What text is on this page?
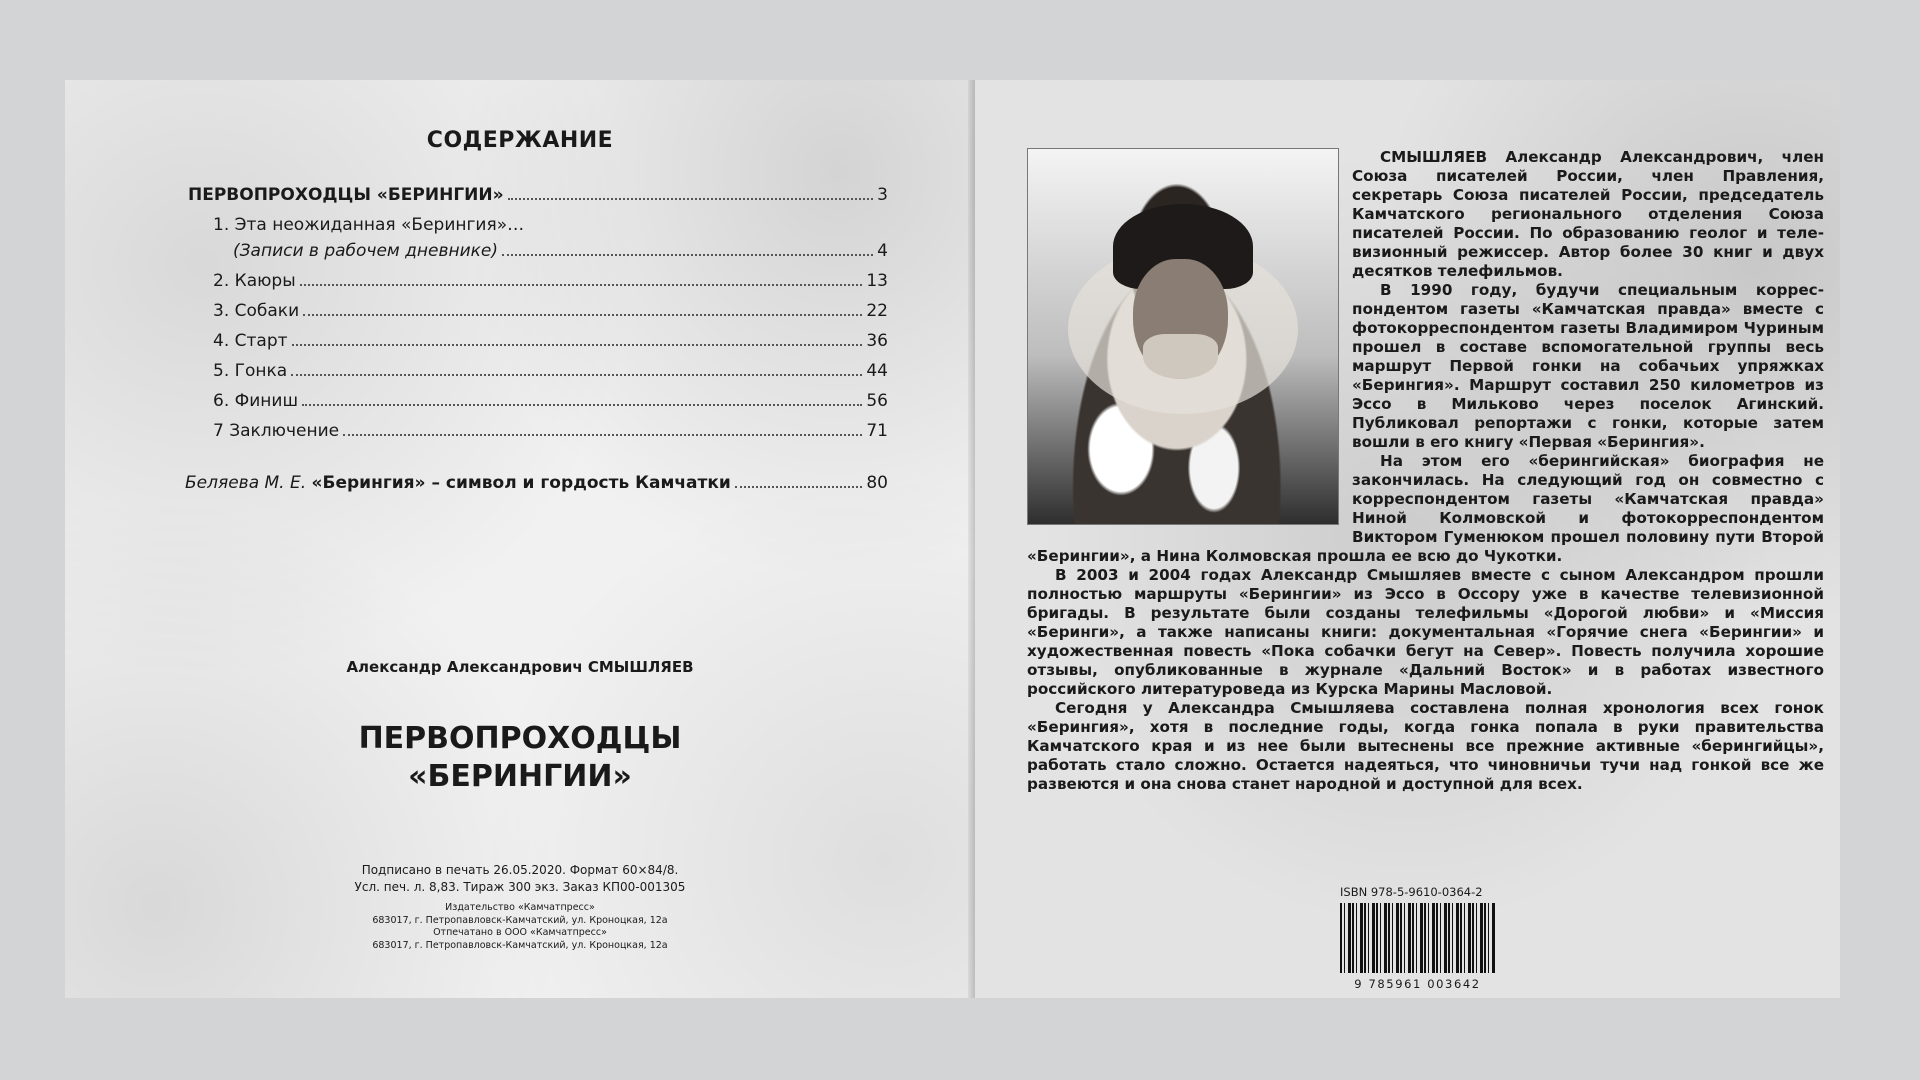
СОДЕРЖАНИЕ
ПЕРВОПРОХОДЦЫ «БЕРИНГИИ»	3
1. Эта неожиданная «Берингия»…
(Записи в рабочем дневнике)	4
2. Каюры	13
3. Собаки	22
4. Старт	36
5. Гонка	44
6. Финиш	56
7 Заключение	71
Беляева М. Е. «Берингия» – символ и гордость Камчатки	80
Александр Александрович СМЫШЛЯЕВ
ПЕРВОПРОХОДЦЫ
«БЕРИНГИИ»
Подписано в печать 26.05.2020. Формат 60×84/8.
Усл. печ. л. 8,83. Тираж 300 экз. Заказ КП00-001305
Издательство «Камчатпресс»
683017, г. Петропавловск-Камчатский, ул. Кроноцкая, 12а
Отпечатано в ООО «Камчатпресс»
683017, г. Петропавловск-Камчатский, ул. Кроноцкая, 12а

СМЫШЛЯЕВ Александр Александрович, член Союза писателей России, член Правления, секретарь Союза писателей России, председатель Камчатского регионального отделения Союза писателей России. По образованию геолог и телевизионный режиссер. Автор более 30 книг и двух десятков телефильмов.

В 1990 году, будучи специальным корреспондентом газеты «Камчатская правда» вместе с фотокорреспондентом газеты Владимиром Чуриным прошел в составе вспомогательной группы весь маршрут Первой гонки на собачьих упряжках «Берингия». Маршрут составил 250 километров из Эссо в Мильково через поселок Агинский. Публиковал репортажи с гонки, которые затем вошли в его книгу «Первая «Берингия».

На этом его «берингийская» биография не закончилась. На следующий год он совместно с корреспондентом газеты «Камчатская правда» Ниной Колмовской и фотокорреспондентом Виктором Гуменюком прошел половину пути Второй «Берингии», а Нина Колмовская прошла ее всю до Чукотки.

В 2003 и 2004 годах Александр Смышляев вместе с сыном Александром прошли полностью маршруты «Берингии» из Эссо в Оссору уже в качестве телевизионной бригады. В результате были созданы телефильмы «Дорогой любви» и «Миссия «Беринги», а также написаны книги: документальная «Горячие снега «Берингии» и художественная повесть «Пока собачки бегут на Север». Повесть получила хорошие отзывы, опубликованные в журнале «Дальний Восток» и в работах известного российского литературоведа из Курска Марины Масловой.

Сегодня у Александра Смышляева составлена полная хронология всех гонок «Берингия», хотя в последние годы, когда гонка попала в руки правительства Камчатского края и из нее были вытеснены все прежние активные «берингийцы», работать стало сложно. Остается надеяться, что чиновничьи тучи над гонкой все же развеются и она снова станет народной и доступной для всех.

ISBN 978-5-9610-0364-2
9 785961 003642
